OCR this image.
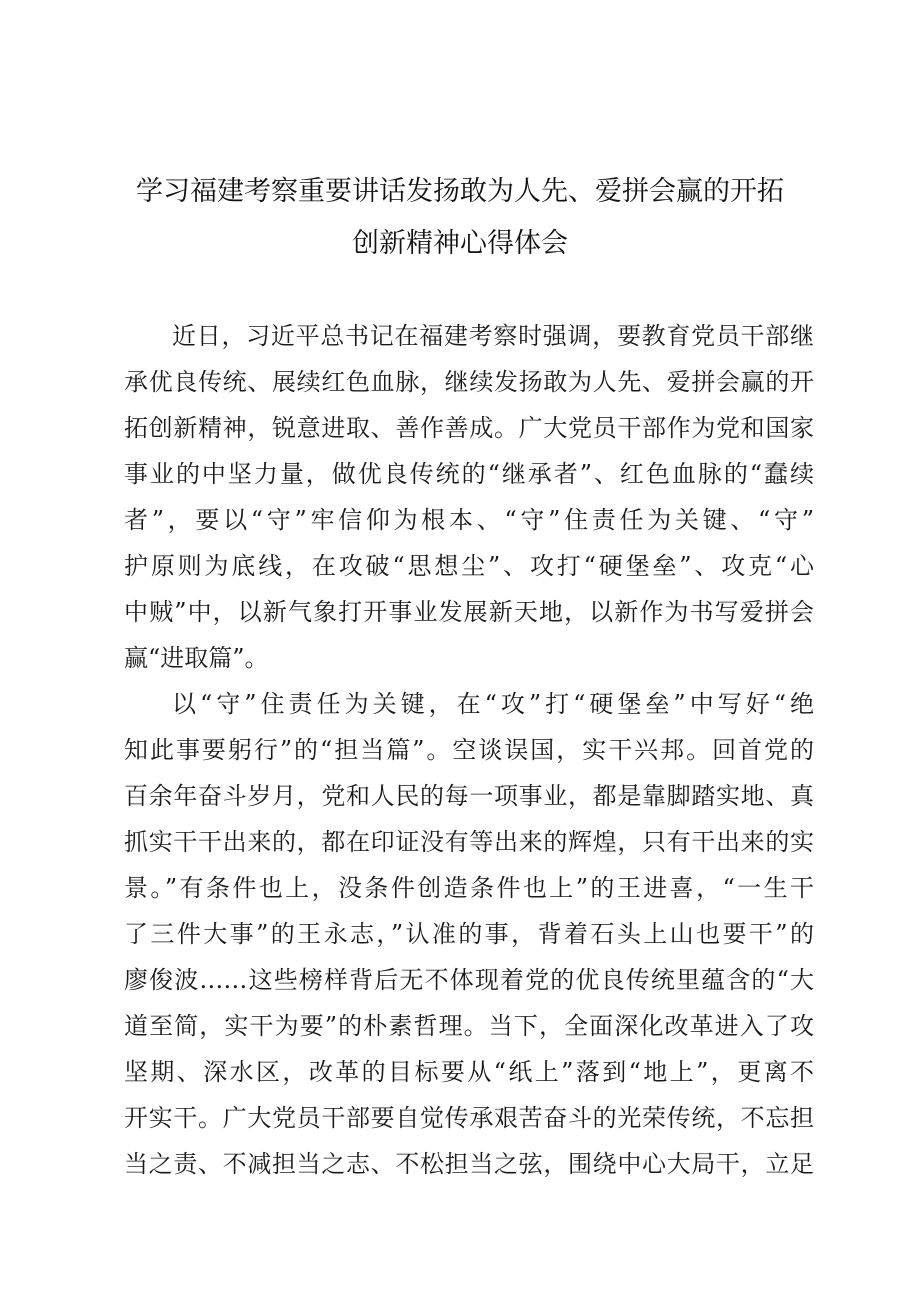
学习福建考察重要讲话发扬敢为人先、爱拼会赢的开拓
创新精神心得体会
近日，习近平总书记在福建考察时强调，要教育党员干部继
承优良传统、展续红色血脉，继续发扬敢为人先、爱拼会赢的开
拓创新精神，锐意进取、善作善成。广大党员干部作为党和国家
事业的中坚力量，做优良传统的“继承者”、红色血脉的“蠢续
者”，要以“守”牢信仰为根本、“守”住责任为关键、“守”
护原则为底线，在攻破“思想尘”、攻打“硬堡垒”、攻克“心
中贼”中，以新气象打开事业发展新天地，以新作为书写爱拼会
赢“进取篇”。
以“守”住责任为关键，在“攻”打“硬堡垒”中写好“绝
知此事要躬行”的“担当篇”。空谈误国，实干兴邦。回首党的
百余年奋斗岁月，党和人民的每一项事业，都是靠脚踏实地、真
抓实干干出来的，都在印证没有等出来的辉煌，只有干出来的实
景。”有条件也上，没条件创造条件也上”的王进喜，“一生干
了三件大事”的王永志，”认准的事，背着石头上山也要干”的
廖俊波……这些榜样背后无不体现着党的优良传统里蕴含的“大
道至简，实干为要”的朴素哲理。当下，全面深化改革进入了攻
坚期、深水区，改革的目标要从“纸上”落到“地上”，更离不
开实干。广大党员干部要自觉传承艰苦奋斗的光荣传统，不忘担
当之责、不减担当之志、不松担当之弦，围绕中心大局干，立足
